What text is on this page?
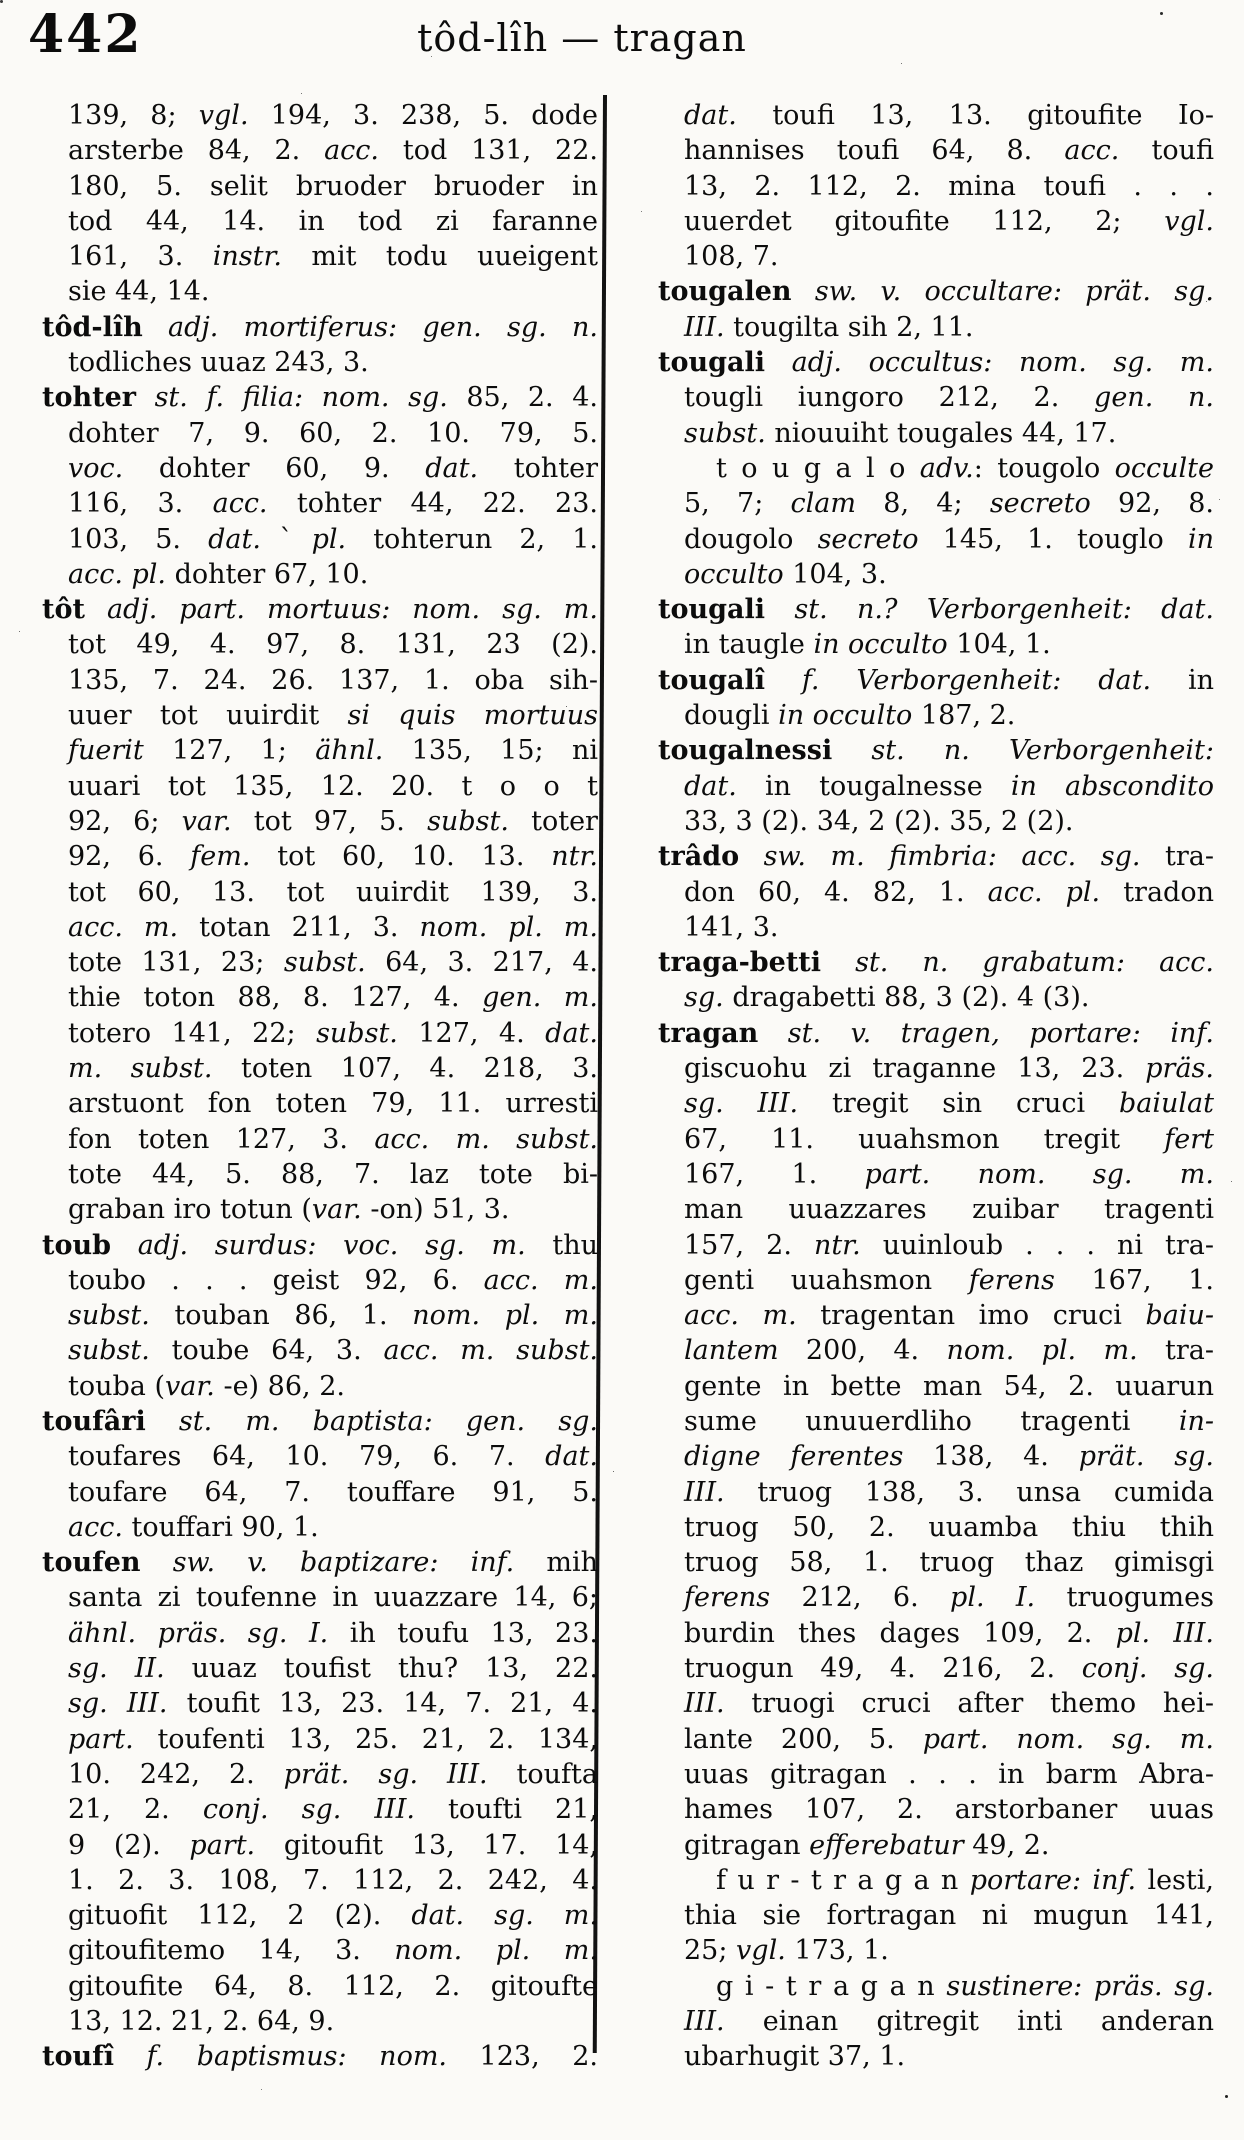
442	tôd-lîh — tragan
139, 8; vgl. 194, 3. 238, 5. dode
arsterbe 84, 2. acc. tod 131, 22.
180, 5. selit bruoder bruoder in
tod 44, 14. in tod zi faranne
161, 3. instr. mit todu uueigent
sie 44, 14.
tôd-lîh adj. mortiferus: gen. sg. n.
todliches uuaz 243, 3.
tohter st. f. filia: nom. sg. 85, 2. 4.
dohter 7, 9. 60, 2. 10. 79, 5.
voc. dohter 60, 9. dat. tohter
116, 3. acc. tohter 44, 22. 23.
103, 5. dat.ˋpl. tohterun 2, 1.
acc. pl. dohter 67, 10.
tôt adj. part. mortuus: nom. sg. m.
tot 49, 4. 97, 8. 131, 23 (2).
135, 7. 24. 26. 137, 1. oba sih-
uuer tot uuirdit si quis mortuus
fuerit 127, 1; ähnl. 135, 15; ni
uuari tot 135, 12. 20. t o o t
92, 6; var. tot 97, 5. subst. toter
92, 6. fem. tot 60, 10. 13. ntr.
tot 60, 13. tot uuirdit 139, 3.
acc. m. totan 211, 3. nom. pl. m.
tote 131, 23; subst. 64, 3. 217, 4.
thie toton 88, 8. 127, 4. gen. m.
totero 141, 22; subst. 127, 4. dat.
m. subst. toten 107, 4. 218, 3.
arstuont fon toten 79, 11. urresti
fon toten 127, 3. acc. m. subst.
tote 44, 5. 88, 7. laz tote bi-
graban iro totun (var. -on) 51, 3.
toub adj. surdus: voc. sg. m. thu
toubo . . . geist 92, 6. acc. m.
subst. touban 86, 1. nom. pl. m.
subst. toube 64, 3. acc. m. subst.
touba (var. -e) 86, 2.
toufâri st. m. baptista: gen. sg.
toufares 64, 10. 79, 6. 7. dat.
toufare 64, 7. touffare 91, 5.
acc. touffari 90, 1.
toufen sw. v. baptizare: inf. mih
santa zi toufenne in uuazzare 14, 6;
ähnl. präs. sg. I. ih toufu 13, 23.
sg. II. uuaz toufist thu? 13, 22.
sg. III. toufit 13, 23. 14, 7. 21, 4.
part. toufenti 13, 25. 21, 2. 134,
10. 242, 2. prät. sg. III. toufta
21, 2. conj. sg. III. toufti 21,
9 (2). part. gitoufit 13, 17. 14,
1. 2. 3. 108, 7. 112, 2. 242, 4.
gituofit 112, 2 (2). dat. sg. m.
gitoufitemo 14, 3. nom. pl. m.
gitoufite 64, 8. 112, 2. gitoufte
13, 12. 21, 2. 64, 9.
toufî f. baptismus: nom. 123, 2.
dat. toufi 13, 13. gitoufite Io-
hannises toufi 64, 8. acc. toufi
13, 2. 112, 2. mina toufi . . .
uuerdet gitoufite 112, 2; vgl.
108, 7.
tougalen sw. v. occultare: prät. sg.
III. tougilta sih 2, 11.
tougali adj. occultus: nom. sg. m.
tougli iungoro 212, 2. gen. n.
subst. niouuiht tougales 44, 17.
t o u g a l o adv.: tougolo occulte
5, 7; clam 8, 4; secreto 92, 8.
dougolo secreto 145, 1. touglo in
occulto 104, 3.
tougali st. n.? Verborgenheit: dat.
in taugle in occulto 104, 1.
tougalî f. Verborgenheit: dat. in
dougli in occulto 187, 2.
tougalnessi st. n. Verborgenheit:
dat. in tougalnesse in abscondito
33, 3 (2). 34, 2 (2). 35, 2 (2).
trâdo sw. m. fimbria: acc. sg. tra-
don 60, 4. 82, 1. acc. pl. tradon
141, 3.
traga-betti st. n. grabatum: acc.
sg. dragabetti 88, 3 (2). 4 (3).
tragan st. v. tragen, portare: inf.
giscuohu zi traganne 13, 23. präs.
sg. III. tregit sin cruci baiulat
67, 11. uuahsmon tregit fert
167, 1. part. nom. sg. m.
man uuazzares zuibar tragenti
157, 2. ntr. uuinloub . . . ni tra-
genti uuahsmon ferens 167, 1.
acc. m. tragentan imo cruci baiu-
lantem 200, 4. nom. pl. m. tra-
gente in bette man 54, 2. uuarun
sume unuuerdliho tragenti in-
digne ferentes 138, 4. prät. sg.
III. truog 138, 3. unsa cumida
truog 50, 2. uuamba thiu thih
truog 58, 1. truog thaz gimisgi
ferens 212, 6. pl. I. truogumes
burdin thes dages 109, 2. pl. III.
truogun 49, 4. 216, 2. conj. sg.
III. truogi cruci after themo hei-
lante 200, 5. part. nom. sg. m.
uuas gitragan . . . in barm Abra-
hames 107, 2. arstorbaner uuas
gitragan efferebatur 49, 2.
f u r - t r a g a n portare: inf. lesti,
thia sie fortragan ni mugun 141,
25; vgl. 173, 1.
g i - t r a g a n sustinere: präs. sg.
III. einan gitregit inti anderan
ubarhugit 37, 1.
